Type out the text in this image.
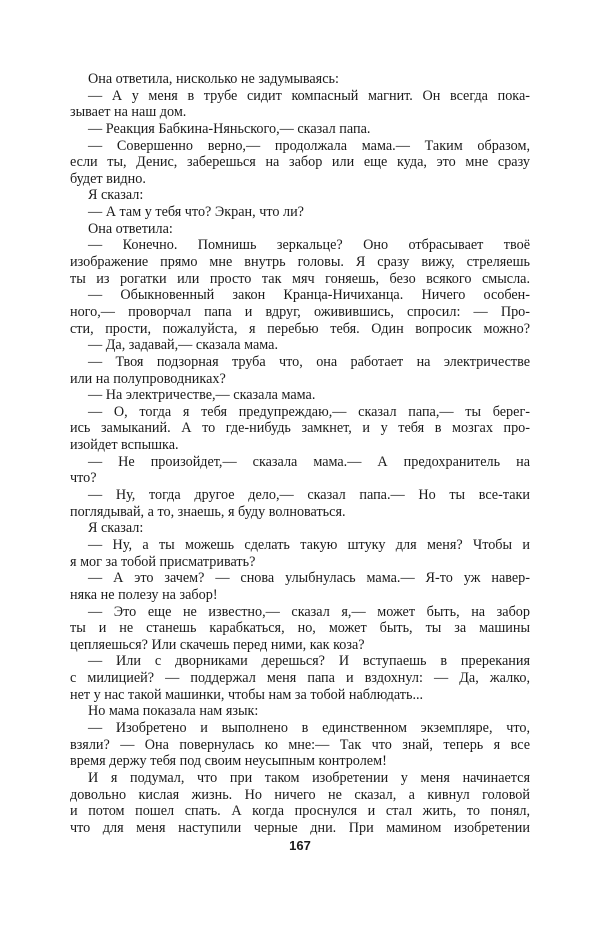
Она ответила, нисколько не задумываясь:
— А у меня в трубе сидит компасный магнит. Он всегда пока-
зывает на наш дом.
— Реакция Бабкина-Няньского,— сказал папа.
— Совершенно верно,— продолжала мама.— Таким образом,
если ты, Денис, заберешься на забор или еще куда, это мне сразу
будет видно.
Я сказал:
— А там у тебя что? Экран, что ли?
Она ответила:
— Конечно. Помнишь зеркальце? Оно отбрасывает твоё
изображение прямо мне внутрь головы. Я сразу вижу, стреляешь
ты из рогатки или просто так мяч гоняешь, безо всякого смысла.
— Обыкновенный закон Кранца-Ничиханца. Ничего особен-
ного,— проворчал папа и вдруг, оживившись, спросил: — Про-
сти, прости, пожалуйста, я перебью тебя. Один вопросик можно?
— Да, задавай,— сказала мама.
— Твоя подзорная труба что, она работает на электричестве
или на полупроводниках?
— На электричестве,— сказала мама.
— О, тогда я тебя предупреждаю,— сказал папа,— ты берег-
ись замыканий. А то где-нибудь замкнет, и у тебя в мозгах про-
изойдет вспышка.
— Не произойдет,— сказала мама.— А предохранитель на
что?
— Ну, тогда другое дело,— сказал папа.— Но ты все-таки
поглядывай, а то, знаешь, я буду волноваться.
Я сказал:
— Ну, а ты можешь сделать такую штуку для меня? Чтобы и
я мог за тобой присматривать?
— А это зачем? — снова улыбнулась мама.— Я-то уж навер-
няка не полезу на забор!
— Это еще не известно,— сказал я,— может быть, на забор
ты и не станешь карабкаться, но, может быть, ты за машины
цепляешься? Или скачешь перед ними, как коза?
— Или с дворниками дерешься? И вступаешь в пререкания
с милицией? — поддержал меня папа и вздохнул: — Да, жалко,
нет у нас такой машинки, чтобы нам за тобой наблюдать...
Но мама показала нам язык:
— Изобретено и выполнено в единственном экземпляре, что,
взяли? — Она повернулась ко мне:— Так что знай, теперь я все
время держу тебя под своим неусыпным контролем!
И я подумал, что при таком изобретении у меня начинается
довольно кислая жизнь. Но ничего не сказал, а кивнул головой
и потом пошел спать. А когда проснулся и стал жить, то понял,
что для меня наступили черные дни. При мамином изобретении
167
